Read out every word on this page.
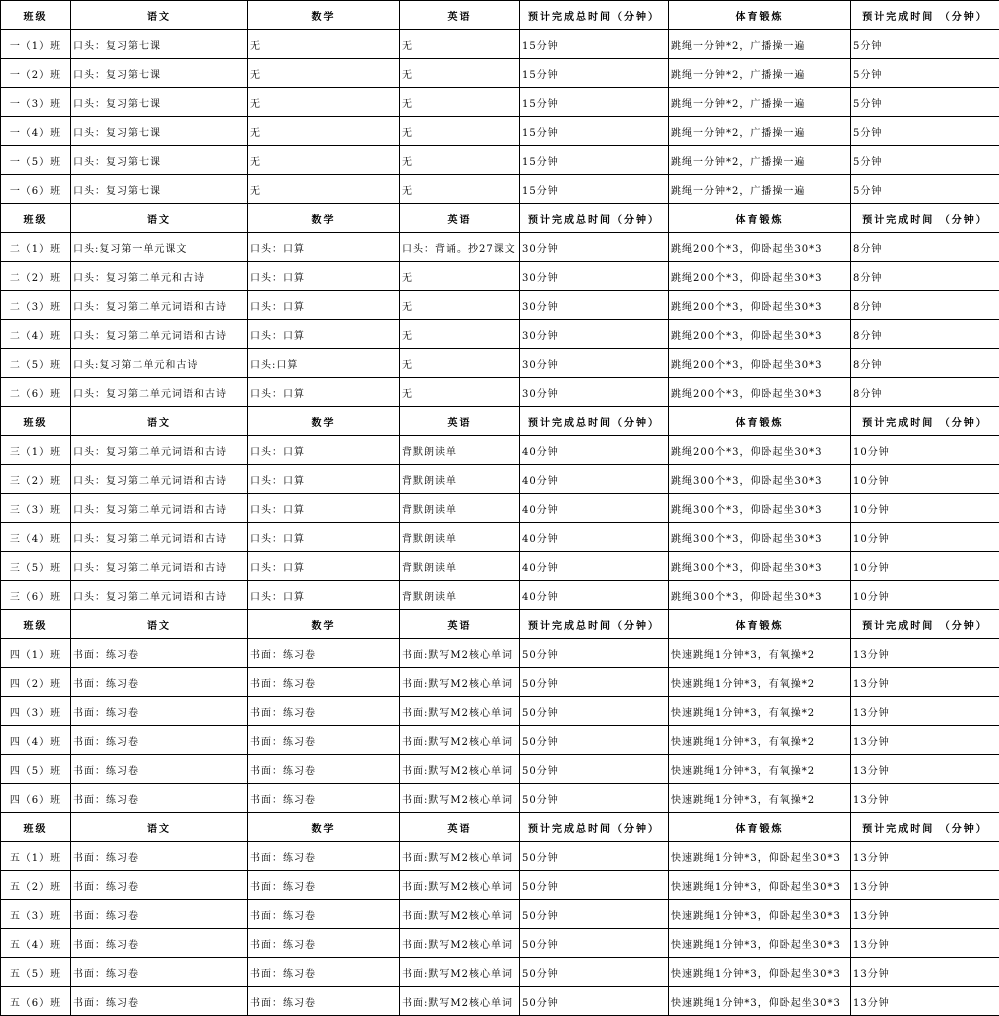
班级	语文	数学	英语	预计完成总时间（分钟）	体育锻炼	预计完成时间 （分钟）
一（1）班	口头：复习第七课	无	无	15分钟	跳绳一分钟*2，广播操一遍	5分钟
一（2）班	口头：复习第七课	无	无	15分钟	跳绳一分钟*2，广播操一遍	5分钟
一（3）班	口头：复习第七课	无	无	15分钟	跳绳一分钟*2，广播操一遍	5分钟
一（4）班	口头：复习第七课	无	无	15分钟	跳绳一分钟*2，广播操一遍	5分钟
一（5）班	口头：复习第七课	无	无	15分钟	跳绳一分钟*2，广播操一遍	5分钟
一（6）班	口头：复习第七课	无	无	15分钟	跳绳一分钟*2，广播操一遍	5分钟
班级	语文	数学	英语	预计完成总时间（分钟）	体育锻炼	预计完成时间 （分钟）
二（1）班	口头:复习第一单元课文	口头：口算	口头：背诵。抄27课文	30分钟	跳绳200个*3，仰卧起坐30*3	8分钟
二（2）班	口头：复习第二单元和古诗	口头：口算	无	30分钟	跳绳200个*3，仰卧起坐30*3	8分钟
二（3）班	口头：复习第二单元词语和古诗	口头：口算	无	30分钟	跳绳200个*3，仰卧起坐30*3	8分钟
二（4）班	口头：复习第二单元词语和古诗	口头：口算	无	30分钟	跳绳200个*3，仰卧起坐30*3	8分钟
二（5）班	口头:复习第二单元和古诗	口头:口算	无	30分钟	跳绳200个*3，仰卧起坐30*3	8分钟
二（6）班	口头：复习第二单元词语和古诗	口头：口算	无	30分钟	跳绳200个*3，仰卧起坐30*3	8分钟
班级	语文	数学	英语	预计完成总时间（分钟）	体育锻炼	预计完成时间 （分钟）
三（1）班	口头：复习第二单元词语和古诗	口头：口算	背默朗读单	40分钟	跳绳200个*3，仰卧起坐30*3	10分钟
三（2）班	口头：复习第二单元词语和古诗	口头：口算	背默朗读单	40分钟	跳绳300个*3，仰卧起坐30*3	10分钟
三（3）班	口头：复习第二单元词语和古诗	口头：口算	背默朗读单	40分钟	跳绳300个*3，仰卧起坐30*3	10分钟
三（4）班	口头：复习第二单元词语和古诗	口头：口算	背默朗读单	40分钟	跳绳300个*3，仰卧起坐30*3	10分钟
三（5）班	口头：复习第二单元词语和古诗	口头：口算	背默朗读单	40分钟	跳绳300个*3，仰卧起坐30*3	10分钟
三（6）班	口头：复习第二单元词语和古诗	口头：口算	背默朗读单	40分钟	跳绳300个*3，仰卧起坐30*3	10分钟
班级	语文	数学	英语	预计完成总时间（分钟）	体育锻炼	预计完成时间 （分钟）
四（1）班	书面：练习卷	书面：练习卷	书面:默写M2核心单词	50分钟	快速跳绳1分钟*3，有氧操*2	13分钟
四（2）班	书面：练习卷	书面：练习卷	书面:默写M2核心单词	50分钟	快速跳绳1分钟*3，有氧操*2	13分钟
四（3）班	书面：练习卷	书面：练习卷	书面:默写M2核心单词	50分钟	快速跳绳1分钟*3，有氧操*2	13分钟
四（4）班	书面：练习卷	书面：练习卷	书面:默写M2核心单词	50分钟	快速跳绳1分钟*3，有氧操*2	13分钟
四（5）班	书面：练习卷	书面：练习卷	书面:默写M2核心单词	50分钟	快速跳绳1分钟*3，有氧操*2	13分钟
四（6）班	书面：练习卷	书面：练习卷	书面:默写M2核心单词	50分钟	快速跳绳1分钟*3，有氧操*2	13分钟
班级	语文	数学	英语	预计完成总时间（分钟）	体育锻炼	预计完成时间 （分钟）
五（1）班	书面：练习卷	书面：练习卷	书面:默写M2核心单词	50分钟	快速跳绳1分钟*3，仰卧起坐30*3	13分钟
五（2）班	书面：练习卷	书面：练习卷	书面:默写M2核心单词	50分钟	快速跳绳1分钟*3，仰卧起坐30*3	13分钟
五（3）班	书面：练习卷	书面：练习卷	书面:默写M2核心单词	50分钟	快速跳绳1分钟*3，仰卧起坐30*3	13分钟
五（4）班	书面：练习卷	书面：练习卷	书面:默写M2核心单词	50分钟	快速跳绳1分钟*3，仰卧起坐30*3	13分钟
五（5）班	书面：练习卷	书面：练习卷	书面:默写M2核心单词	50分钟	快速跳绳1分钟*3，仰卧起坐30*3	13分钟
五（6）班	书面：练习卷	书面：练习卷	书面:默写M2核心单词	50分钟	快速跳绳1分钟*3，仰卧起坐30*3	13分钟
